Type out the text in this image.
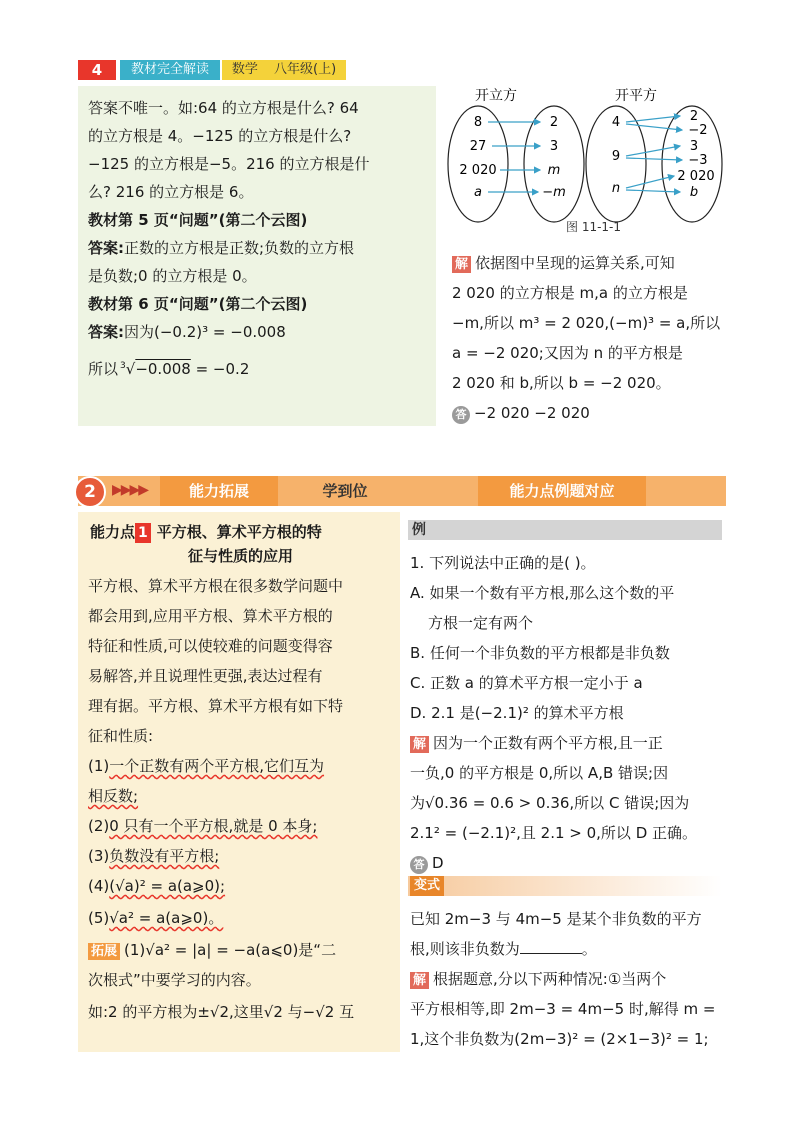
4	教材完全解读	数学 八年级(上)
答案不唯一。如:64 的立方根是什么? 64
的立方根是 4。−125 的立方根是什么?
−125 的立方根是−5。216 的立方根是什
么? 216 的立方根是 6。
教材第 5 页“问题”(第二个云图)
答案:正数的立方根是正数;负数的立方根
是负数;0 的立方根是 0。
教材第 6 页“问题”(第二个云图)
答案:因为(−0.2)³ = −0.008
所以 $^3$√−0.008 = −0.2
开立方	开平方
8
27
2 020
a
2
3
m
−m
4
9
n
2
−2
3
−3
2 020
b
图 11-1-1
解 依据图中呈现的运算关系,可知
2 020 的立方根是 m,a 的立方根是
−m,所以 m³ = 2 020,(−m)³ = a,所以
a = −2 020;又因为 n 的平方根是
2 020 和 b,所以 b = −2 020。
答 −2 020 −2 020
2	▶▶▶▶	能力拓展	学到位	能力点例题对应
能力点 1 平方根、算术平方根的特
征与性质的应用
平方根、算术平方根在很多数学问题中
都会用到,应用平方根、算术平方根的
特征和性质,可以使较难的问题变得容
易解答,并且说理性更强,表达过程有
理有据。平方根、算术平方根有如下特
征和性质:
(1)一个正数有两个平方根,它们互为
相反数;
(2)0 只有一个平方根,就是 0 本身;
(3)负数没有平方根;
(4)(√a)² = a(a⩾0);
(5)√a² = a(a⩾0)。
拓展 (1)√a² = |a| = −a(a⩽0)是“二
次根式”中要学习的内容。
如:2 的平方根为±√2,这里√2 与−√2 互
例
1. 下列说法中正确的是( )。
A. 如果一个数有平方根,那么这个数的平
方根一定有两个
B. 任何一个非负数的平方根都是非负数
C. 正数 a 的算术平方根一定小于 a
D. 2.1 是(−2.1)² 的算术平方根
解 因为一个正数有两个平方根,且一正
一负,0 的平方根是 0,所以 A,B 错误;因
为√0.36 = 0.6 > 0.36,所以 C 错误;因为
2.1² = (−2.1)²,且 2.1 > 0,所以 D 正确。
答 D
变式
已知 2m−3 与 4m−5 是某个非负数的平方
根,则该非负数为	。
解 根据题意,分以下两种情况:①当两个
平方根相等,即 2m−3 = 4m−5 时,解得 m =
1,这个非负数为(2m−3)² = (2×1−3)² = 1;
